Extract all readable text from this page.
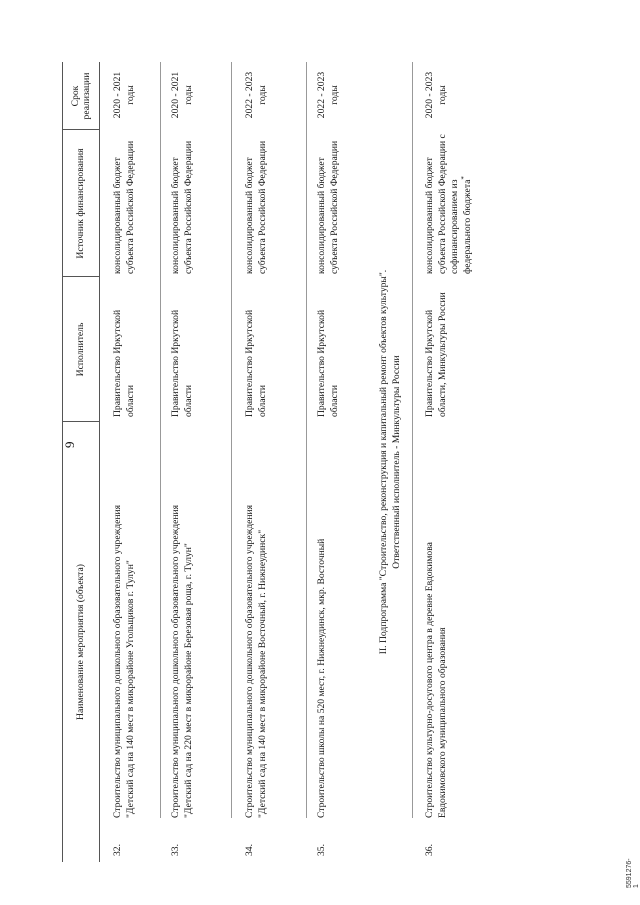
9
5591276-1
Наименование мероприятия (объекта)
Исполнитель
Источник финансирования
Срок реализации
32.
Строительство муниципального дошкольного образовательного учреждения "Детский сад на 140 мест в микрорайоне Угольщиков г. Тулун"
Правительство Иркутской области
консолидированный бюджет субъекта Российской Федерации
2020 - 2021 годы
33.
Строительство муниципального дошкольного образовательного учреждения "Детский сад на 220 мест в микрорайоне Березовая роща, г. Тулун"
Правительство Иркутской области
консолидированный бюджет субъекта Российской Федерации
2020 - 2021 годы
34.
Строительство муниципального дошкольного образовательного учреждения "Детский сад на 140 мест в микрорайоне Восточный, г. Нижнеудинск"
Правительство Иркутской области
консолидированный бюджет субъекта Российской Федерации
2022 - 2023 годы
35.
Строительство школы на 520 мест, г. Нижнеудинск, мкр. Восточный
Правительство Иркутской области
консолидированный бюджет субъекта Российской Федерации
2022 - 2023 годы
II. Подпрограмма "Строительство, реконструкция и капитальный ремонт объектов культуры". Ответственный исполнитель - Минкультуры России
36.
Строительство культурно-досугового центра в деревне Евдокимова Евдокимовского муниципального образования
Правительство Иркутской области, Минкультуры России
консолидированный бюджет субъекта Российской Федерации с софинансированием из федерального бюджета*
2020 - 2023 годы
